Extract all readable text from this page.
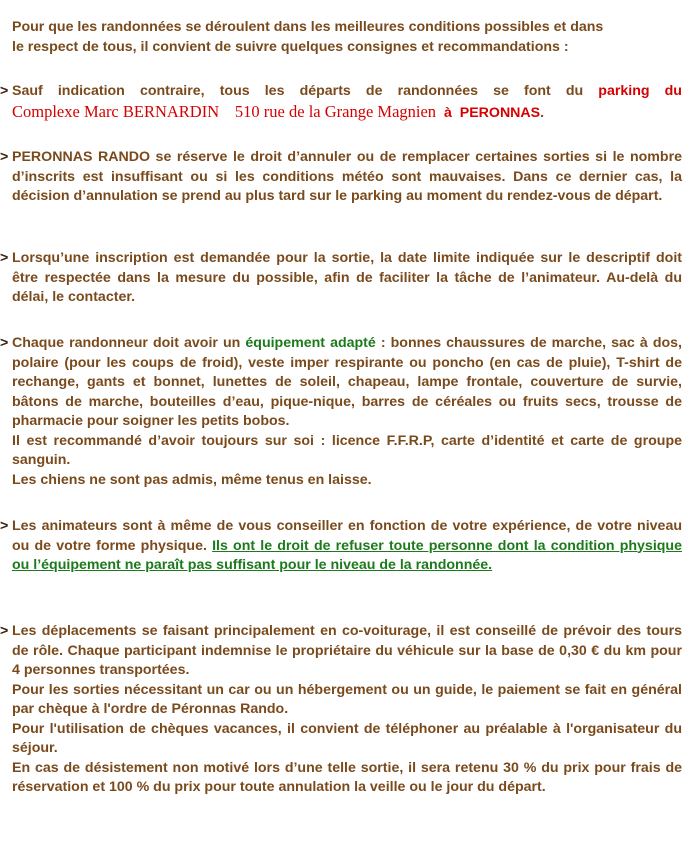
Pour que les randonnées se déroulent dans les meilleures conditions possibles et dans
le respect de tous, il convient de suivre quelques consignes et recommandations :
> Sauf indication contraire, tous les départs de randonnées se font du parking du
Complexe Marc BERNARDIN 510 rue de la Grange Magnien à PERONNAS.
> PERONNAS RANDO se réserve le droit d’annuler ou de remplacer certaines sorties si le nombre d’inscrits est insuffisant ou si les conditions météo sont mauvaises. Dans ce dernier cas, la décision d’annulation se prend au plus tard sur le parking au moment du rendez-vous de départ.

> Lorsqu’une inscription est demandée pour la sortie, la date limite indiquée sur le descriptif doit être respectée dans la mesure du possible, afin de faciliter la tâche de l’animateur. Au-delà du délai, le contacter.

> Chaque randonneur doit avoir un équipement adapté : bonnes chaussures de marche, sac à dos, polaire (pour les coups de froid), veste imper respirante ou poncho (en cas de pluie), T-shirt de rechange, gants et bonnet, lunettes de soleil, chapeau, lampe frontale, couverture de survie, bâtons de marche, bouteilles d’eau, pique-nique, barres de céréales ou fruits secs, trousse de pharmacie pour soigner les petits bobos.
Il est recommandé d’avoir toujours sur soi : licence F.F.R.P, carte d’identité et carte de groupe sanguin.
Les chiens ne sont pas admis, même tenus en laisse.
> Les animateurs sont à même de vous conseiller en fonction de votre expérience, de votre niveau ou de votre forme physique. Ils ont le droit de refuser toute personne dont la condition physique ou l’équipement ne paraît pas suffisant pour le niveau de la randonnée.
> Les déplacements se faisant principalement en co-voiturage, il est conseillé de prévoir des tours de rôle. Chaque participant indemnise le propriétaire du véhicule sur la base de 0,30 € du km pour 4 personnes transportées.
Pour les sorties nécessitant un car ou un hébergement ou un guide, le paiement se fait en général par chèque à l'ordre de Péronnas Rando.
Pour l'utilisation de chèques vacances, il convient de téléphoner au préalable à l'organisateur du séjour.
En cas de désistement non motivé lors d’une telle sortie, il sera retenu 30 % du prix pour frais de réservation et 100 % du prix pour toute annulation la veille ou le jour du départ.
